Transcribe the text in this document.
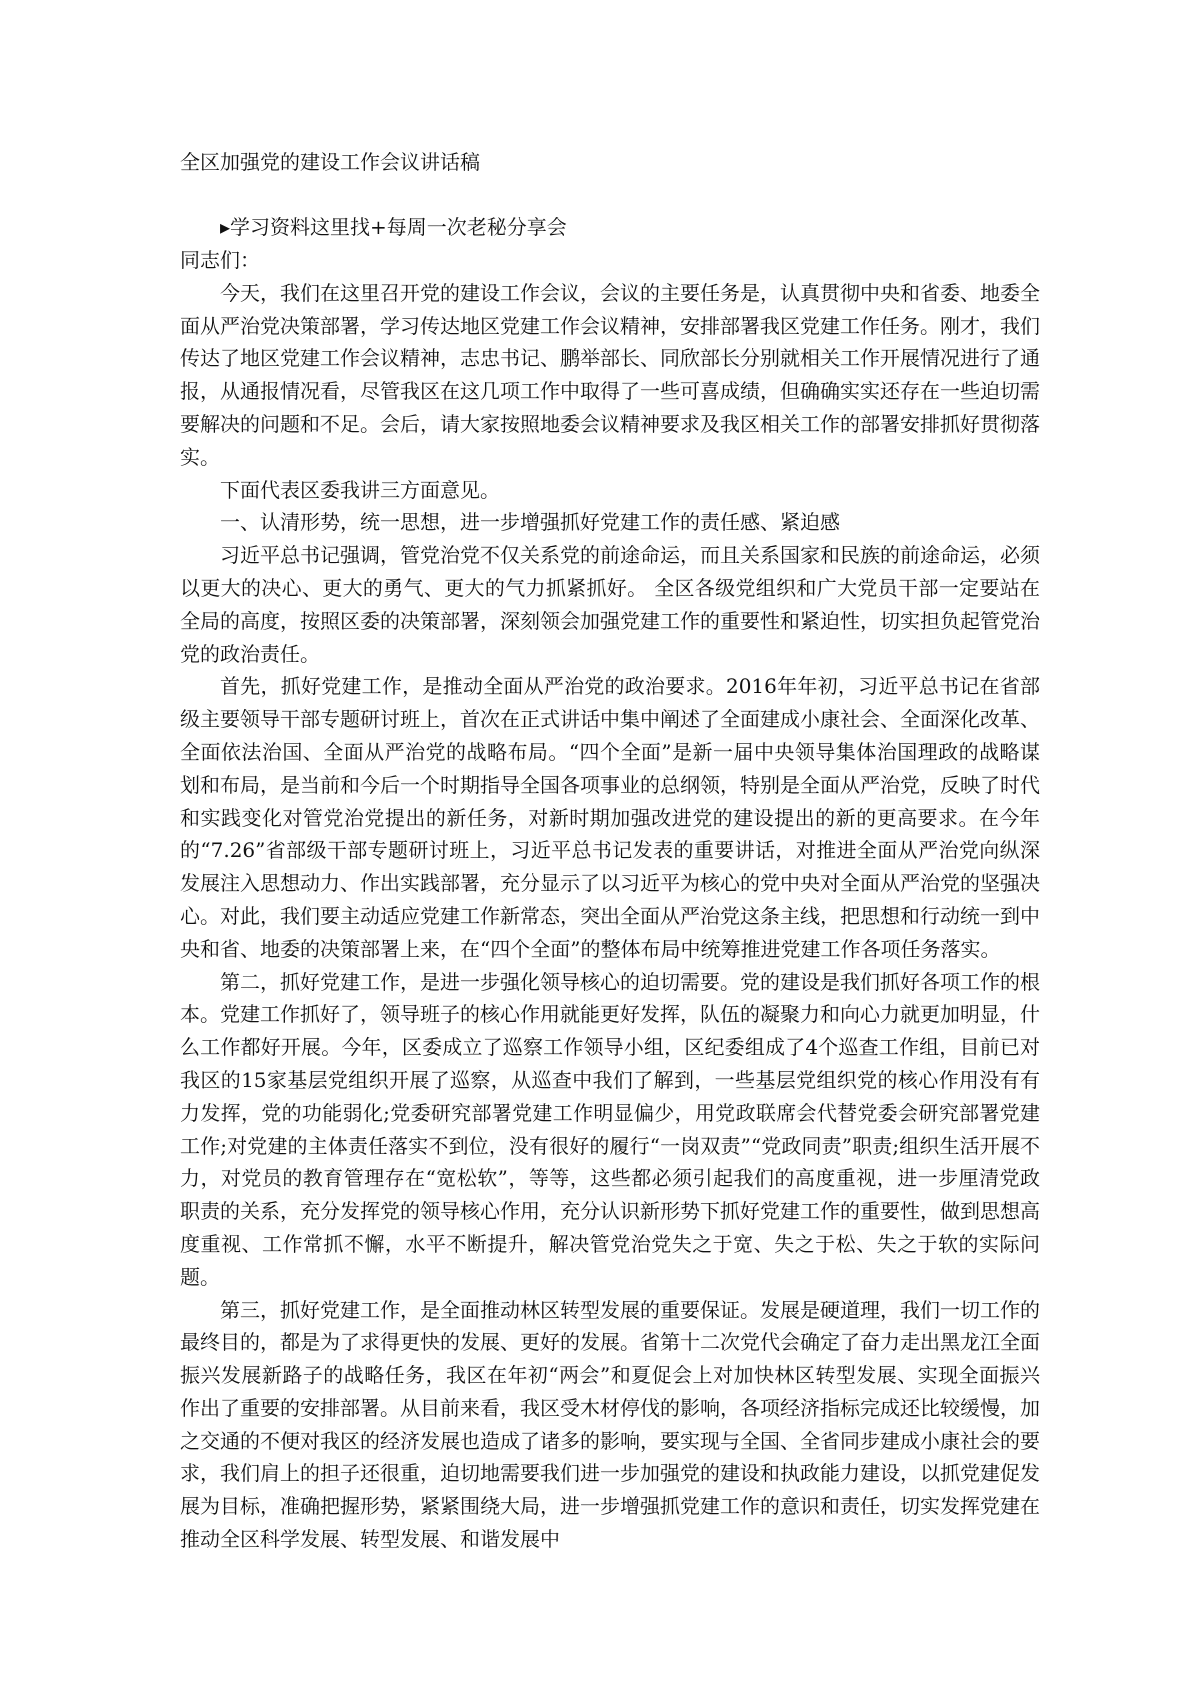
全区加强党的建设工作会议讲话稿
▸学习资料这里找+每周一次老秘分享会

同志们：

今天，我们在这里召开党的建设工作会议，会议的主要任务是，认真贯彻中央和省委、地委全面从严治党决策部署，学习传达地区党建工作会议精神，安排部署我区党建工作任务。刚才，我们传达了地区党建工作会议精神，志忠书记、鹏举部长、同欣部长分别就相关工作开展情况进行了通报，从通报情况看，尽管我区在这几项工作中取得了一些可喜成绩，但确确实实还存在一些迫切需要解决的问题和不足。会后，请大家按照地委会议精神要求及我区相关工作的部署安排抓好贯彻落实。

下面代表区委我讲三方面意见。

一、认清形势，统一思想，进一步增强抓好党建工作的责任感、紧迫感

习近平总书记强调，管党治党不仅关系党的前途命运，而且关系国家和民族的前途命运，必须以更大的决心、更大的勇气、更大的气力抓紧抓好。 全区各级党组织和广大党员干部一定要站在全局的高度，按照区委的决策部署，深刻领会加强党建工作的重要性和紧迫性，切实担负起管党治党的政治责任。

首先，抓好党建工作，是推动全面从严治党的政治要求。2016年年初，习近平总书记在省部级主要领导干部专题研讨班上，首次在正式讲话中集中阐述了全面建成小康社会、全面深化改革、全面依法治国、全面从严治党的战略布局。“四个全面”是新一届中央领导集体治国理政的战略谋划和布局，是当前和今后一个时期指导全国各项事业的总纲领，特别是全面从严治党，反映了时代和实践变化对管党治党提出的新任务，对新时期加强改进党的建设提出的新的更高要求。在今年的“7.26”省部级干部专题研讨班上，习近平总书记发表的重要讲话，对推进全面从严治党向纵深发展注入思想动力、作出实践部署，充分显示了以习近平为核心的党中央对全面从严治党的坚强决心。对此，我们要主动适应党建工作新常态，突出全面从严治党这条主线，把思想和行动统一到中央和省、地委的决策部署上来，在“四个全面”的整体布局中统筹推进党建工作各项任务落实。

第二，抓好党建工作，是进一步强化领导核心的迫切需要。党的建设是我们抓好各项工作的根本。党建工作抓好了，领导班子的核心作用就能更好发挥，队伍的凝聚力和向心力就更加明显，什么工作都好开展。今年，区委成立了巡察工作领导小组，区纪委组成了4个巡查工作组，目前已对我区的15家基层党组织开展了巡察，从巡查中我们了解到，一些基层党组织党的核心作用没有有力发挥，党的功能弱化;党委研究部署党建工作明显偏少，用党政联席会代替党委会研究部署党建工作;对党建的主体责任落实不到位，没有很好的履行“一岗双责”“党政同责”职责;组织生活开展不力，对党员的教育管理存在“宽松软”，等等，这些都必须引起我们的高度重视，进一步厘清党政职责的关系，充分发挥党的领导核心作用，充分认识新形势下抓好党建工作的重要性，做到思想高度重视、工作常抓不懈，水平不断提升，解决管党治党失之于宽、失之于松、失之于软的实际问题。

第三，抓好党建工作，是全面推动林区转型发展的重要保证。发展是硬道理，我们一切工作的最终目的，都是为了求得更快的发展、更好的发展。省第十二次党代会确定了奋力走出黑龙江全面振兴发展新路子的战略任务，我区在年初“两会”和夏促会上对加快林区转型发展、实现全面振兴作出了重要的安排部署。从目前来看，我区受木材停伐的影响，各项经济指标完成还比较缓慢，加之交通的不便对我区的经济发展也造成了诸多的影响，要实现与全国、全省同步建成小康社会的要求，我们肩上的担子还很重，迫切地需要我们进一步加强党的建设和执政能力建设，以抓党建促发展为目标，准确把握形势，紧紧围绕大局，进一步增强抓党建工作的意识和责任，切实发挥党建在推动全区科学发展、转型发展、和谐发展中
